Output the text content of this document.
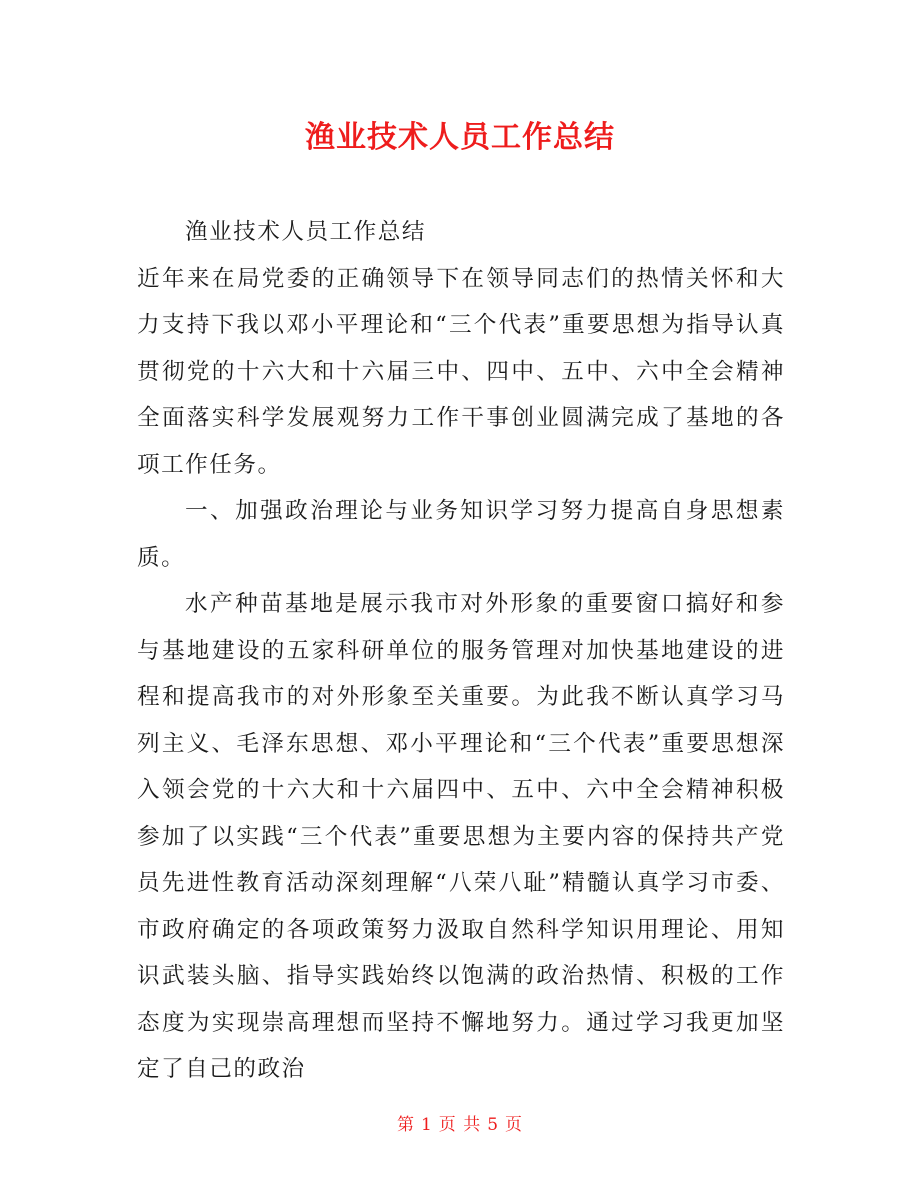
渔业技术人员工作总结

渔业技术人员工作总结

近年来在局党委的正确领导下在领导同志们的热情关怀和大力支持下我以邓小平理论和“三个代表”重要思想为指导认真贯彻党的十六大和十六届三中、四中、五中、六中全会精神全面落实科学发展观努力工作干事创业圆满完成了基地的各项工作任务。

一、加强政治理论与业务知识学习努力提高自身思想素质。

水产种苗基地是展示我市对外形象的重要窗口搞好和参与基地建设的五家科研单位的服务管理对加快基地建设的进程和提高我市的对外形象至关重要。为此我不断认真学习马列主义、毛泽东思想、邓小平理论和“三个代表”重要思想深入领会党的十六大和十六届四中、五中、六中全会精神积极参加了以实践“三个代表”重要思想为主要内容的保持共产党员先进性教育活动深刻理解“八荣八耻”精髓认真学习市委、市政府确定的各项政策努力汲取自然科学知识用理论、用知识武装头脑、指导实践始终以饱满的政治热情、积极的工作态度为实现崇高理想而坚持不懈地努力。通过学习我更加坚定了自己的政治

第 1 页 共 5 页
